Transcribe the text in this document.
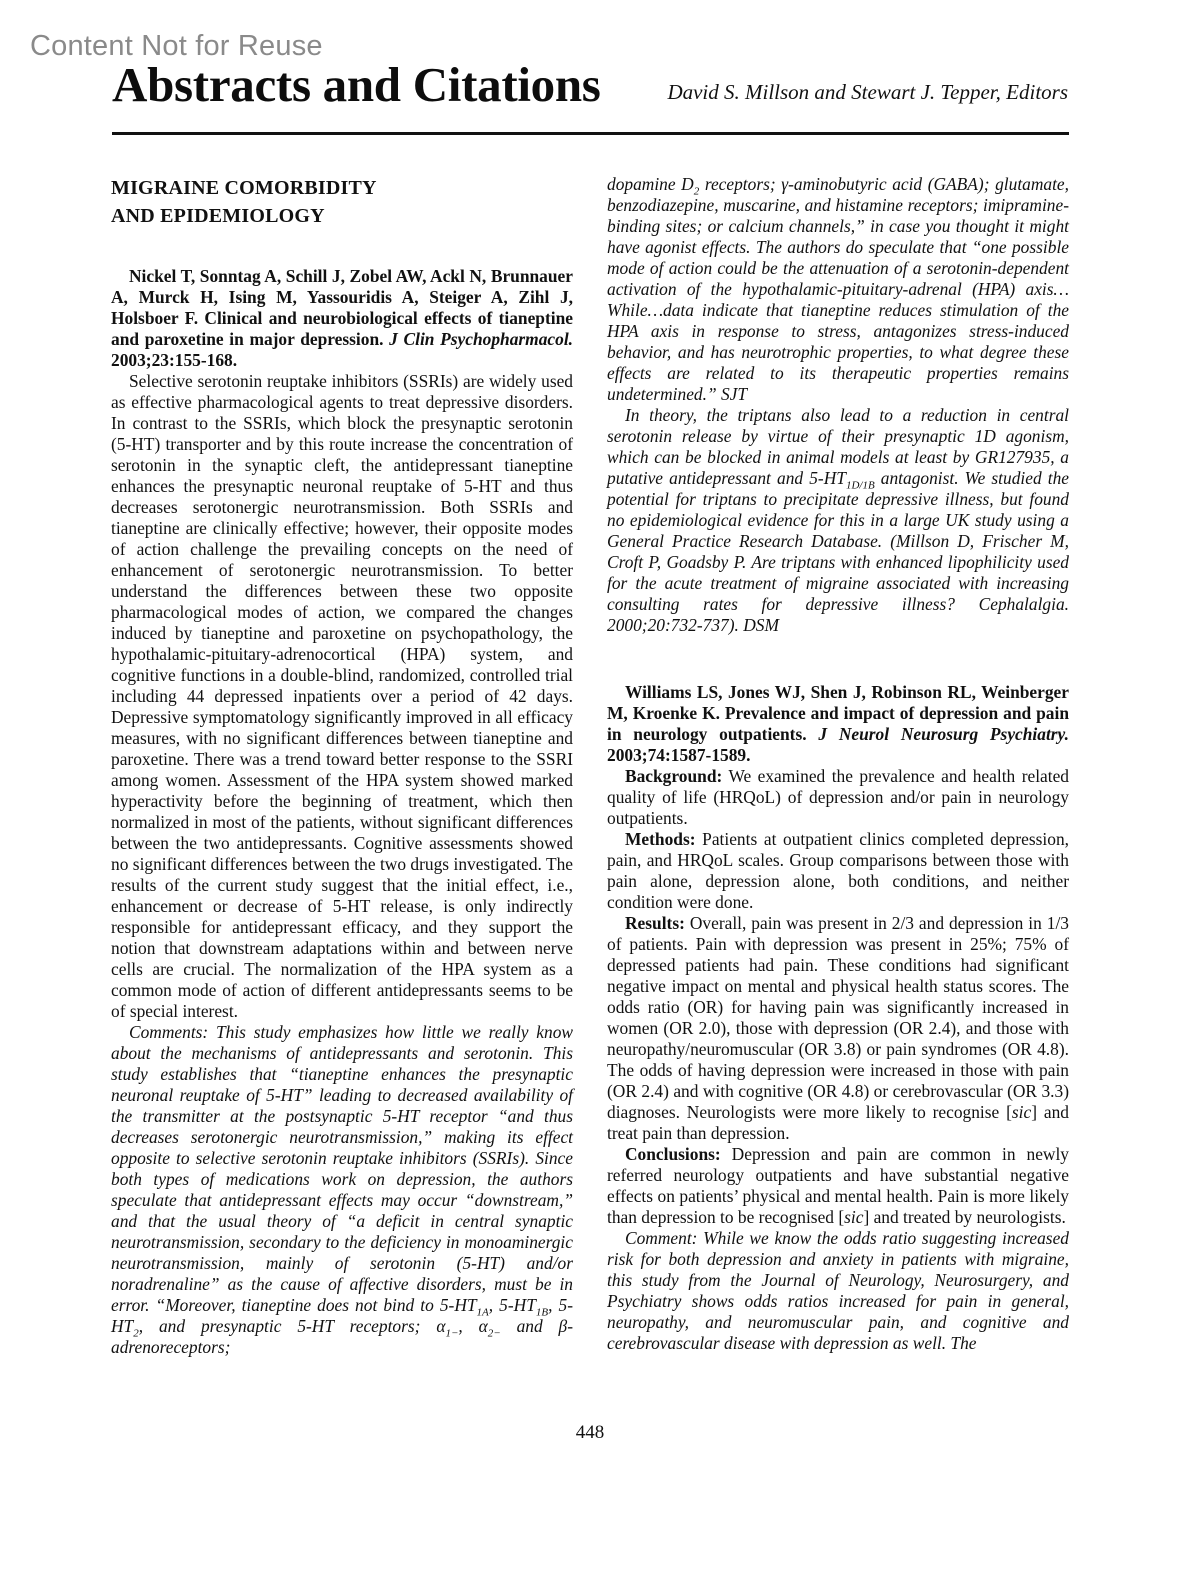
Content Not for Reuse
Abstracts and Citations	David S. Millson and Stewart J. Tepper, Editors
MIGRAINE COMORBIDITY
AND EPIDEMIOLOGY

Nickel T, Sonntag A, Schill J, Zobel AW, Ackl N, Brunnauer A, Murck H, Ising M, Yassouridis A, Steiger A, Zihl J, Holsboer F. Clinical and neurobiological effects of tianeptine and paroxetine in major depression. J Clin Psychopharmacol. 2003;23:155-168.

Selective serotonin reuptake inhibitors (SSRIs) are widely used as effective pharmacological agents to treat depressive disorders. In contrast to the SSRIs, which block the presynaptic serotonin (5-HT) transporter and by this route increase the concentration of serotonin in the synaptic cleft, the antidepressant tianeptine enhances the presynaptic neuronal reuptake of 5-HT and thus decreases serotonergic neurotransmission. Both SSRIs and tianeptine are clinically effective; however, their opposite modes of action challenge the prevailing concepts on the need of enhancement of serotonergic neurotransmission. To better understand the differences between these two opposite pharmacological modes of action, we compared the changes induced by tianeptine and paroxetine on psychopathology, the hypothalamic-pituitary-adrenocortical (HPA) system, and cognitive functions in a double-blind, randomized, controlled trial including 44 depressed inpatients over a period of 42 days. Depressive symptomatology significantly improved in all efficacy measures, with no significant differences between tianeptine and paroxetine. There was a trend toward better response to the SSRI among women. Assessment of the HPA system showed marked hyperactivity before the beginning of treatment, which then normalized in most of the patients, without significant differences between the two antidepressants. Cognitive assessments showed no significant differences between the two drugs investigated. The results of the current study suggest that the initial effect, i.e., enhancement or decrease of 5-HT release, is only indirectly responsible for antidepressant efficacy, and they support the notion that downstream adaptations within and between nerve cells are crucial. The normalization of the HPA system as a common mode of action of different antidepressants seems to be of special interest.

Comments: This study emphasizes how little we really know about the mechanisms of antidepressants and serotonin. This study establishes that “tianeptine enhances the presynaptic neuronal reuptake of 5-HT” leading to decreased availability of the transmitter at the postsynaptic 5-HT receptor “and thus decreases serotonergic neurotransmission,” making its effect opposite to selective serotonin reuptake inhibitors (SSRIs). Since both types of medications work on depression, the authors speculate that antidepressant effects may occur “downstream,” and that the usual theory of “a deficit in central synaptic neurotransmission, secondary to the deficiency in monoaminergic neurotransmission, mainly of serotonin (5-HT) and/or noradrenaline” as the cause of affective disorders, must be in error. “Moreover, tianeptine does not bind to $5-HT_{1A}$, $5-HT_{1B}$, $5-HT_2$, and presynaptic 5-HT receptors; $\alpha_{1-}$, $\alpha_{2-}$ and β-adrenoreceptors;

dopamine $D_2$ receptors; γ-aminobutyric acid (GABA); glutamate, benzodiazepine, muscarine, and histamine receptors; imipramine-binding sites; or calcium channels,” in case you thought it might have agonist effects. The authors do speculate that “one possible mode of action could be the attenuation of a serotonin-dependent activation of the hypothalamic-pituitary-adrenal (HPA) axis… While…data indicate that tianeptine reduces stimulation of the HPA axis in response to stress, antagonizes stress-induced behavior, and has neurotrophic properties, to what degree these effects are related to its therapeutic properties remains undetermined.” SJT

In theory, the triptans also lead to a reduction in central serotonin release by virtue of their presynaptic 1D agonism, which can be blocked in animal models at least by GR127935, a putative antidepressant and $5-HT_{1D/1B}$ antagonist. We studied the potential for triptans to precipitate depressive illness, but found no epidemiological evidence for this in a large UK study using a General Practice Research Database. (Millson D, Frischer M, Croft P, Goadsby P. Are triptans with enhanced lipophilicity used for the acute treatment of migraine associated with increasing consulting rates for depressive illness? Cephalalgia. 2000;20:732-737). DSM

Williams LS, Jones WJ, Shen J, Robinson RL, Weinberger M, Kroenke K. Prevalence and impact of depression and pain in neurology outpatients. J Neurol Neurosurg Psychiatry. 2003;74:1587-1589.

Background: We examined the prevalence and health related quality of life (HRQoL) of depression and/or pain in neurology outpatients.

Methods: Patients at outpatient clinics completed depression, pain, and HRQoL scales. Group comparisons between those with pain alone, depression alone, both conditions, and neither condition were done.

Results: Overall, pain was present in 2/3 and depression in 1/3 of patients. Pain with depression was present in 25%; 75% of depressed patients had pain. These conditions had significant negative impact on mental and physical health status scores. The odds ratio (OR) for having pain was significantly increased in women (OR 2.0), those with depression (OR 2.4), and those with neuropathy/neuromuscular (OR 3.8) or pain syndromes (OR 4.8). The odds of having depression were increased in those with pain (OR 2.4) and with cognitive (OR 4.8) or cerebrovascular (OR 3.3) diagnoses. Neurologists were more likely to recognise [sic] and treat pain than depression.

Conclusions: Depression and pain are common in newly referred neurology outpatients and have substantial negative effects on patients’ physical and mental health. Pain is more likely than depression to be recognised [sic] and treated by neurologists.

Comment: While we know the odds ratio suggesting increased risk for both depression and anxiety in patients with migraine, this study from the Journal of Neurology, Neurosurgery, and Psychiatry shows odds ratios increased for pain in general, neuropathy, and neuromuscular pain, and cognitive and cerebrovascular disease with depression as well. The

448
